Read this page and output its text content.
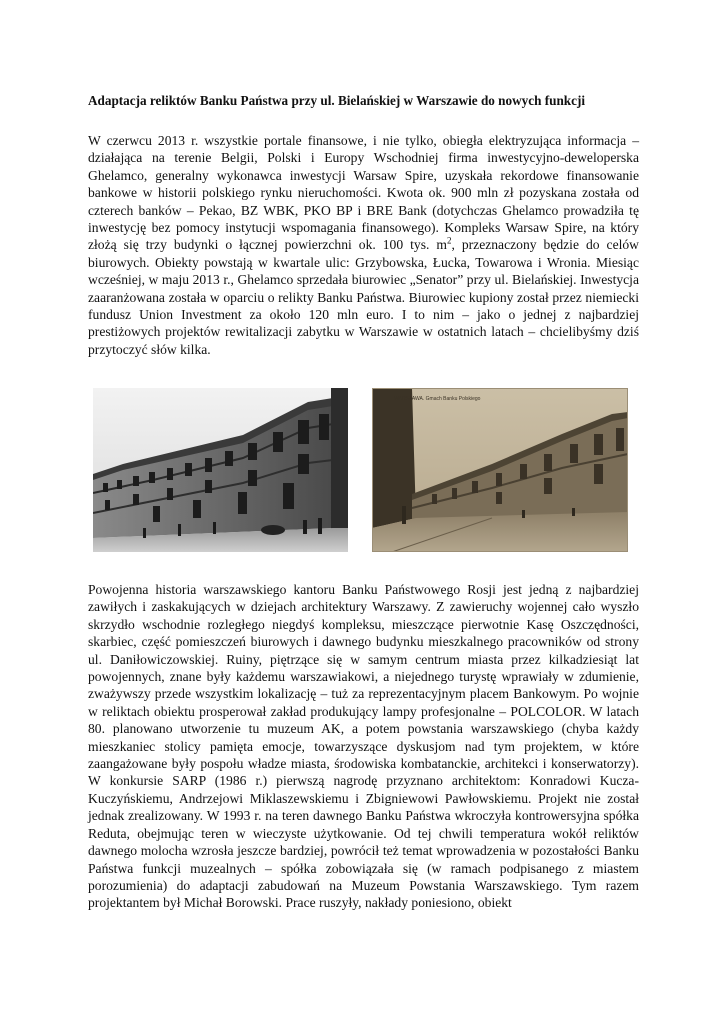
Adaptacja reliktów Banku Państwa przy ul. Bielańskiej w Warszawie do nowych funkcji
W czerwcu 2013 r. wszystkie portale finansowe, i nie tylko, obiegła elektryzująca informacja – działająca na terenie Belgii, Polski i Europy Wschodniej firma inwestycyjno-deweloperska Ghelamco, generalny wykonawca inwestycji Warsaw Spire, uzyskała rekordowe finansowanie bankowe w historii polskiego rynku nieruchomości. Kwota ok. 900 mln zł pozyskana została od czterech banków – Pekao, BZ WBK, PKO BP i BRE Bank (dotychczas Ghelamco prowadziła tę inwestycję bez pomocy instytucji wspomagania finansowego). Kompleks Warsaw Spire, na który złożą się trzy budynki o łącznej powierzchni ok. 100 tys. $m^2$, przeznaczony będzie do celów biurowych. Obiekty powstają w kwartale ulic: Grzybowska, Łucka, Towarowa i Wronia. Miesiąc wcześniej, w maju 2013 r., Ghelamco sprzedała biurowiec „Senator” przy ul. Bielańskiej. Inwestycja zaaranżowana została w oparciu o relikty Banku Państwa. Biurowiec kupiony został przez niemiecki fundusz Union Investment za około 120 mln euro. I to nim – jako o jednej z najbardziej prestiżowych projektów rewitalizacji zabytku w Warszawie w ostatnich latach – chcielibyśmy dziś przytoczyć słów kilka.
WARSZAWA. Gmach Banku Polskiego
Powojenna historia warszawskiego kantoru Banku Państwowego Rosji jest jedną z najbardziej zawiłych i zaskakujących w dziejach architektury Warszawy. Z zawieruchy wojennej cało wyszło skrzydło wschodnie rozległego niegdyś kompleksu, mieszczące pierwotnie Kasę Oszczędności, skarbiec, część pomieszczeń biurowych i dawnego budynku mieszkalnego pracowników od strony ul. Daniłowiczowskiej. Ruiny, piętrzące się w samym centrum miasta przez kilkadziesiąt lat powojennych, znane były każdemu warszawiakowi, a niejednego turystę wprawiały w zdumienie, zważywszy przede wszystkim lokalizację – tuż za reprezentacyjnym placem Bankowym. Po wojnie w reliktach obiektu prosperował zakład produkujący lampy profesjonalne – POLCOLOR. W latach 80. planowano utworzenie tu muzeum AK, a potem powstania warszawskiego (chyba każdy mieszkaniec stolicy pamięta emocje, towarzyszące dyskusjom nad tym projektem, w które zaangażowane były pospołu władze miasta, środowiska kombatanckie, architekci i konserwatorzy). W konkursie SARP (1986 r.) pierwszą nagrodę przyznano architektom: Konradowi Kucza-Kuczyńskiemu, Andrzejowi Miklaszewskiemu i Zbigniewowi Pawłowskiemu. Projekt nie został jednak zrealizowany. W 1993 r. na teren dawnego Banku Państwa wkroczyła kontrowersyjna spółka Reduta, obejmując teren w wieczyste użytkowanie. Od tej chwili temperatura wokół reliktów dawnego molocha wzrosła jeszcze bardziej, powrócił też temat wprowadzenia w pozostałości Banku Państwa funkcji muzealnych – spółka zobowiązała się (w ramach podpisanego z miastem porozumienia) do adaptacji zabudowań na Muzeum Powstania Warszawskiego. Tym razem projektantem był Michał Borowski. Prace ruszyły, nakłady poniesiono, obiekt
